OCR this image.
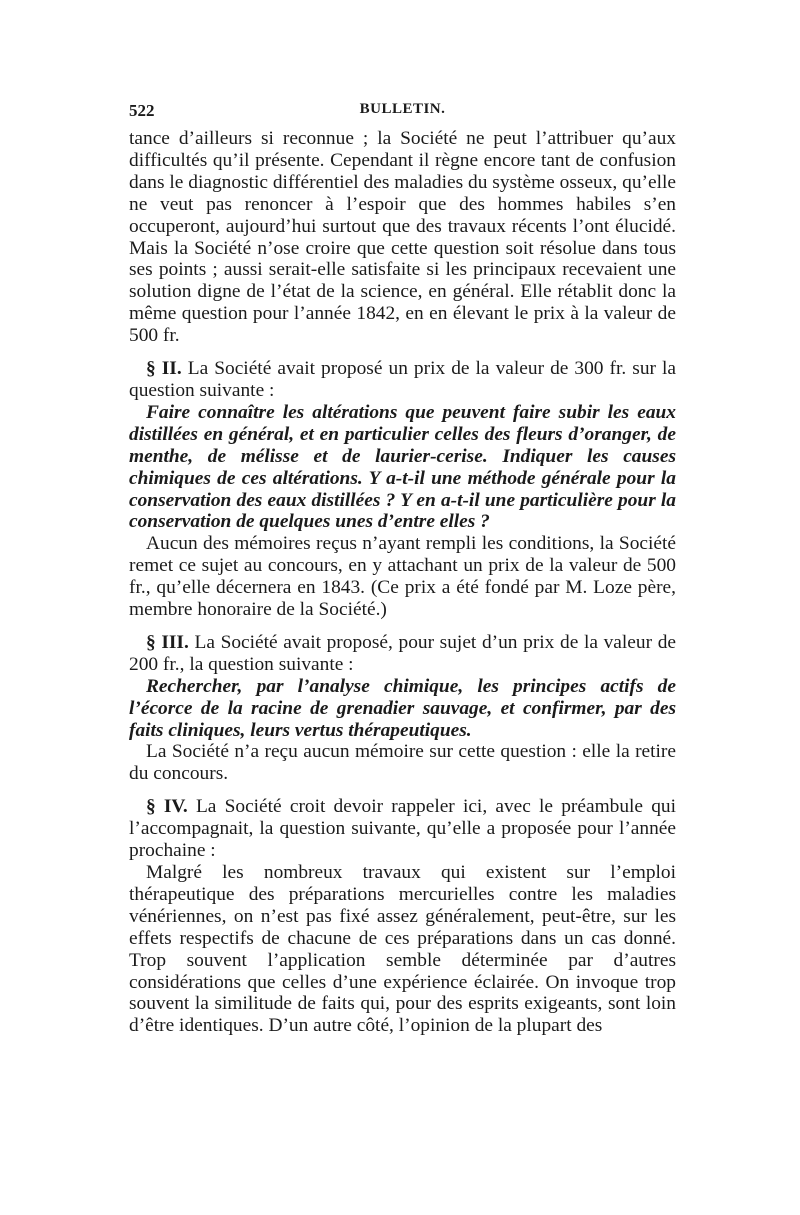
522	BULLETIN.

tance d’ailleurs si reconnue ; la Société ne peut l’attribuer qu’aux difficultés qu’il présente. Cependant il règne encore tant de confusion dans le diagnostic différentiel des maladies du système osseux, qu’elle ne veut pas renoncer à l’espoir que des hommes habiles s’en occuperont, aujourd’hui surtout que des travaux récents l’ont élucidé. Mais la Société n’ose croire que cette question soit résolue dans tous ses points ; aussi serait-elle satisfaite si les principaux recevaient une solution digne de l’état de la science, en général. Elle rétablit donc la même question pour l’année 1842, en en élevant le prix à la valeur de 500 fr.

§ II. La Société avait proposé un prix de la valeur de 300 fr. sur la question suivante :

Faire connaître les altérations que peuvent faire subir les eaux distillées en général, et en particulier celles des fleurs d’oranger, de menthe, de mélisse et de laurier-cerise. Indiquer les causes chimiques de ces altérations. Y a-t-il une méthode générale pour la conservation des eaux distillées ? Y en a-t-il une particulière pour la conservation de quelques unes d’entre elles ?

Aucun des mémoires reçus n’ayant rempli les conditions, la Société remet ce sujet au concours, en y attachant un prix de la valeur de 500 fr., qu’elle décernera en 1843. (Ce prix a été fondé par M. Loze père, membre honoraire de la Société.)

§ III. La Société avait proposé, pour sujet d’un prix de la valeur de 200 fr., la question suivante :

Rechercher, par l’analyse chimique, les principes actifs de l’écorce de la racine de grenadier sauvage, et confirmer, par des faits cliniques, leurs vertus thérapeutiques.

La Société n’a reçu aucun mémoire sur cette question : elle la retire du concours.

§ IV. La Société croit devoir rappeler ici, avec le préambule qui l’accompagnait, la question suivante, qu’elle a proposée pour l’année prochaine :

Malgré les nombreux travaux qui existent sur l’emploi thérapeutique des préparations mercurielles contre les maladies vénériennes, on n’est pas fixé assez généralement, peut-être, sur les effets respectifs de chacune de ces préparations dans un cas donné. Trop souvent l’application semble déterminée par d’autres considérations que celles d’une expérience éclairée. On invoque trop souvent la similitude de faits qui, pour des esprits exigeants, sont loin d’être identiques. D’un autre côté, l’opinion de la plupart des
